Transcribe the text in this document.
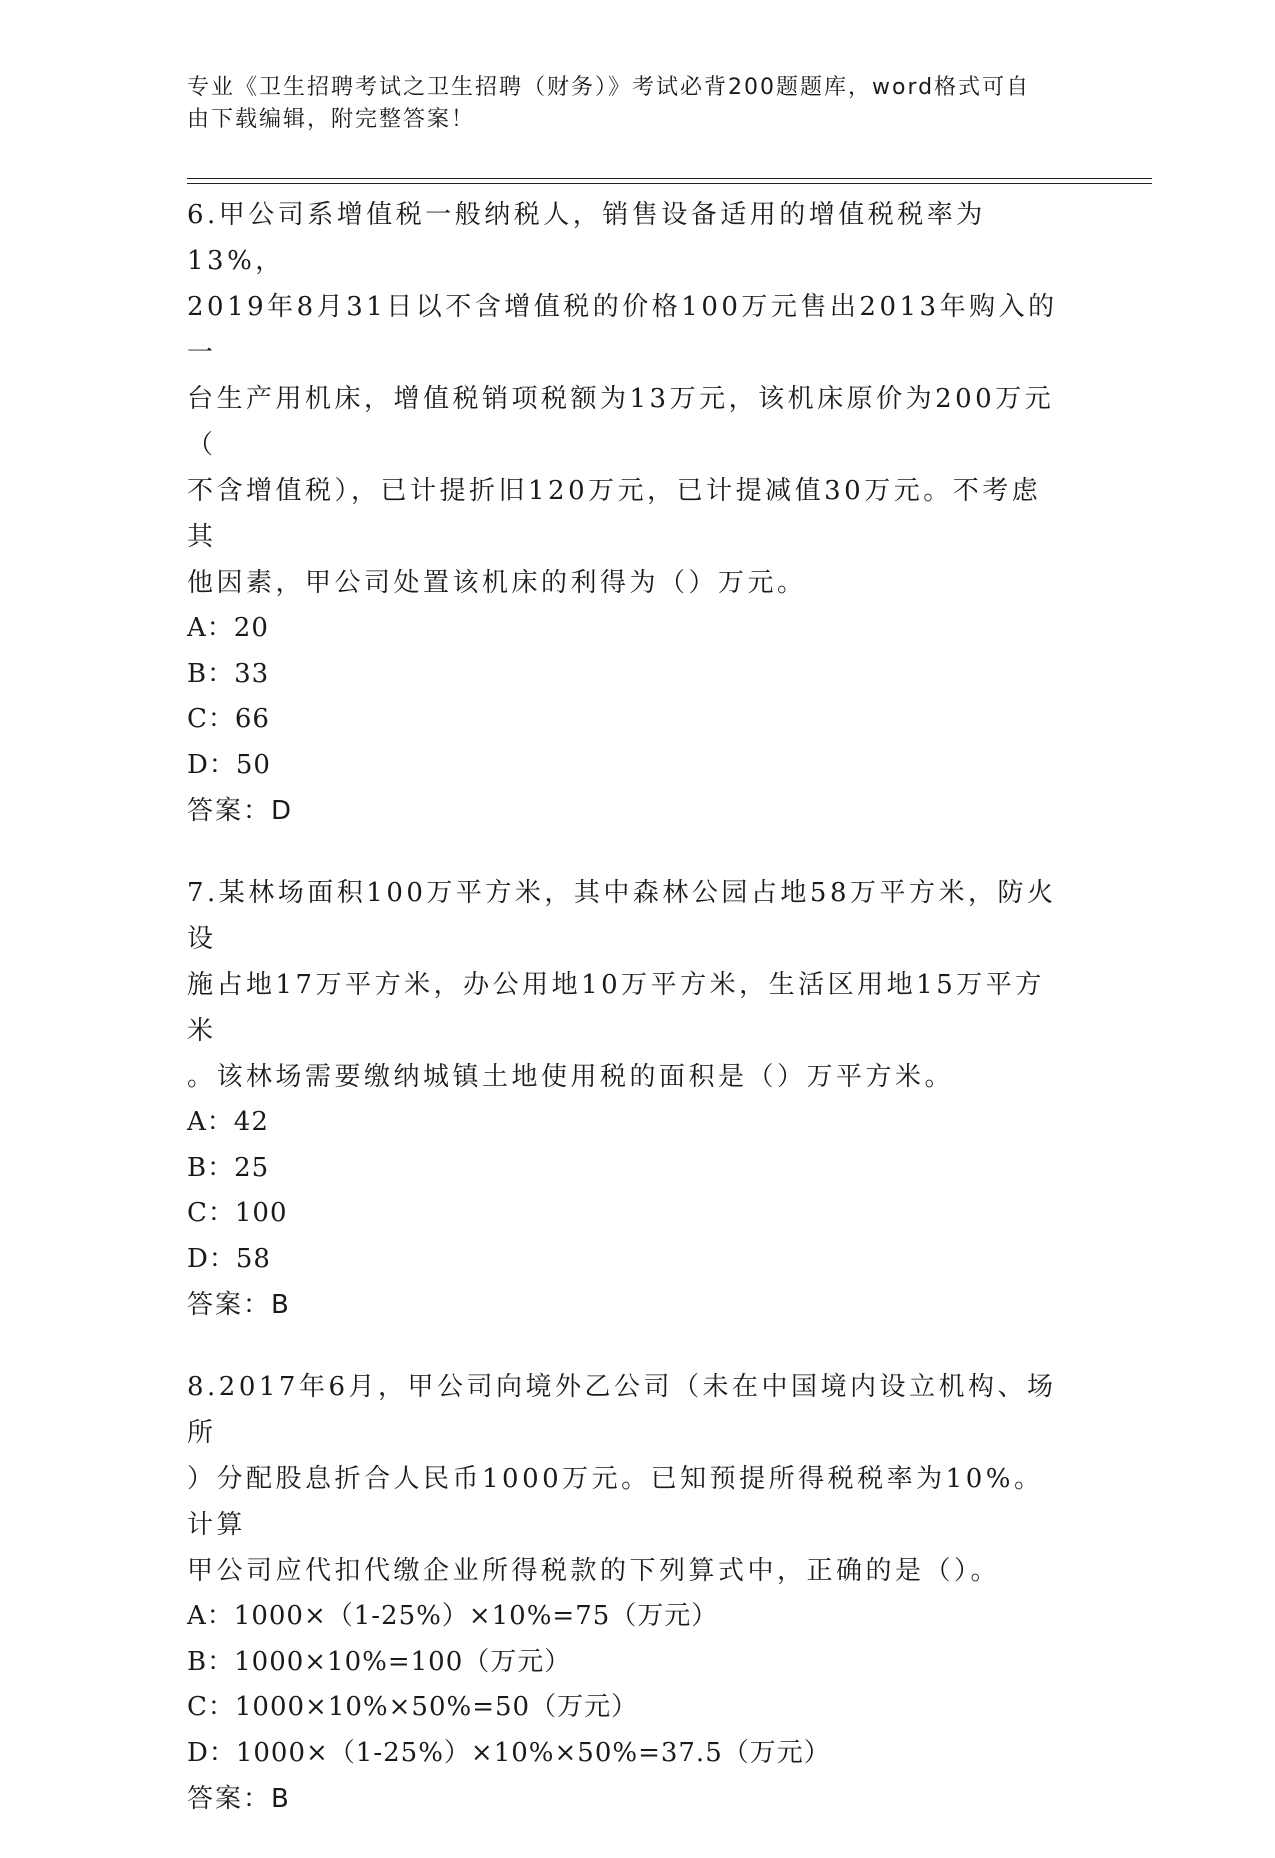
专业《卫生招聘考试之卫生招聘（财务）》考试必背200题题库，word格式可自
由下载编辑，附完整答案！
6.甲公司系增值税一般纳税人，销售设备适用的增值税税率为13%，
2019年8月31日以不含增值税的价格100万元售出2013年购入的一
台生产用机床，增值税销项税额为13万元，该机床原价为200万元（
不含增值税），已计提折旧120万元，已计提减值30万元。不考虑其
他因素，甲公司处置该机床的利得为（）万元。
A：20
B：33
C：66
D：50
答案：D
7.某林场面积100万平方米，其中森林公园占地58万平方米，防火设
施占地17万平方米，办公用地10万平方米，生活区用地15万平方米
。该林场需要缴纳城镇土地使用税的面积是（）万平方米。
A：42
B：25
C：100
D：58
答案：B
8.2017年6月，甲公司向境外乙公司（未在中国境内设立机构、场所
）分配股息折合人民币1000万元。已知预提所得税税率为10%。计算
甲公司应代扣代缴企业所得税款的下列算式中，正确的是（）。
A：1000×（1-25%）×10%=75（万元）
B：1000×10%=100（万元）
C：1000×10%×50%=50（万元）
D：1000×（1-25%）×10%×50%=37.5（万元）
答案：B
